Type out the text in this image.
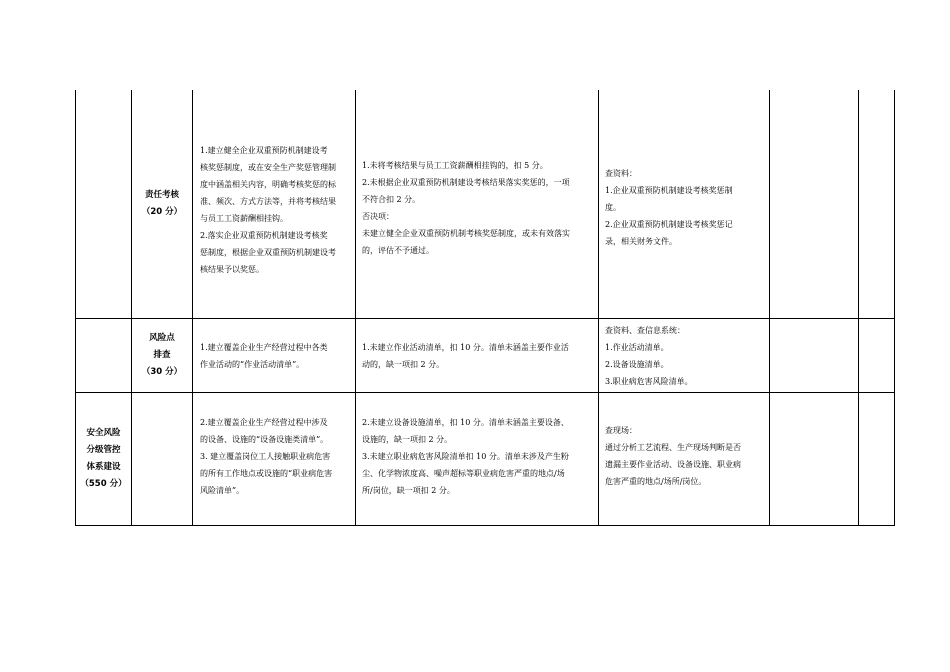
责任考核

（20 分）

1.建立健全企业双重预防机制建设考

核奖惩制度，或在安全生产奖惩管理制

度中涵盖相关内容，明确考核奖惩的标

准、频次、方式方法等，并将考核结果

与员工工资薪酬相挂钩。

2.落实企业双重预防机制建设考核奖

惩制度，根据企业双重预防机制建设考

核结果予以奖惩。

1.未将考核结果与员工工资薪酬相挂钩的，扣 5 分。

2.未根据企业双重预防机制建设考核结果落实奖惩的，一项

不符合扣 2 分。

否决项：

未建立健全企业双重预防机制考核奖惩制度，或未有效落实

的，评估不予通过。

查资料：

1.企业双重预防机制建设考核奖惩制

度。

2.企业双重预防机制建设考核奖惩记

录，相关财务文件。

风险点

排查

（30 分）

1.建立覆盖企业生产经营过程中各类

作业活动的“作业活动清单”。

1.未建立作业活动清单，扣 10 分。清单未涵盖主要作业活

动的，缺一项扣 2 分。

查资料、查信息系统：

1.作业活动清单。

2.设备设施清单。

3.职业病危害风险清单。

安全风险

分级管控

体系建设

（550 分）

2.建立覆盖企业生产经营过程中涉及

的设备、设施的“设备设施类清单”。

3. 建立覆盖岗位工人接触职业病危害

的所有工作地点或设施的“职业病危害

风险清单”。

2.未建立设备设施清单，扣 10 分。清单未涵盖主要设备、

设施的，缺一项扣 2 分。

3.未建立职业病危害风险清单扣 10 分。清单未涉及产生粉

尘、化学物浓度高、噪声超标等职业病危害严重的地点/场

所/岗位，缺一项扣 2 分。

查现场：

通过分析工艺流程、生产现场判断是否

遗漏主要作业活动、设备设施、职业病

危害严重的地点/场所/岗位。
